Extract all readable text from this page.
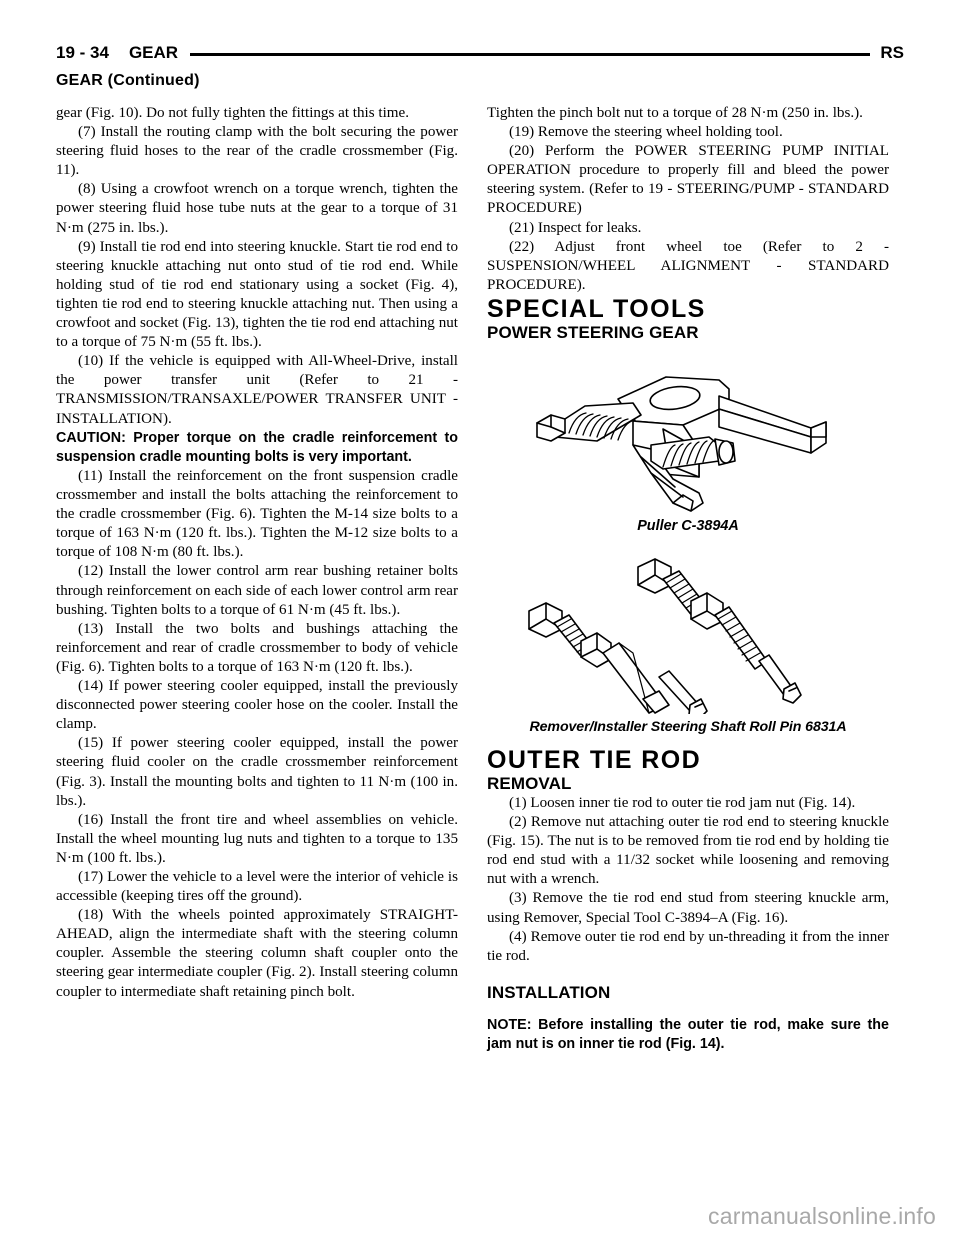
19 - 34 GEAR	RS
GEAR (Continued)

gear (Fig. 10). Do not fully tighten the fittings at this time.

(7) Install the routing clamp with the bolt securing the power steering fluid hoses to the rear of the cradle crossmember (Fig. 11).

(8) Using a crowfoot wrench on a torque wrench, tighten the power steering fluid hose tube nuts at the gear to a torque of 31 N·m (275 in. lbs.).

(9) Install tie rod end into steering knuckle. Start tie rod end to steering knuckle attaching nut onto stud of tie rod end. While holding stud of tie rod end stationary using a socket (Fig. 4), tighten tie rod end to steering knuckle attaching nut. Then using a crowfoot and socket (Fig. 13), tighten the tie rod end attaching nut to a torque of 75 N·m (55 ft. lbs.).

(10) If the vehicle is equipped with All-Wheel-Drive, install the power transfer unit (Refer to 21 - TRANSMISSION/TRANSAXLE/POWER TRANSFER UNIT - INSTALLATION).

CAUTION: Proper torque on the cradle reinforcement to suspension cradle mounting bolts is very important.

(11) Install the reinforcement on the front suspension cradle crossmember and install the bolts attaching the reinforcement to the cradle crossmember (Fig. 6). Tighten the M-14 size bolts to a torque of 163 N·m (120 ft. lbs.). Tighten the M-12 size bolts to a torque of 108 N·m (80 ft. lbs.).

(12) Install the lower control arm rear bushing retainer bolts through reinforcement on each side of each lower control arm rear bushing. Tighten bolts to a torque of 61 N·m (45 ft. lbs.).

(13) Install the two bolts and bushings attaching the reinforcement and rear of cradle crossmember to body of vehicle (Fig. 6). Tighten bolts to a torque of 163 N·m (120 ft. lbs.).

(14) If power steering cooler equipped, install the previously disconnected power steering cooler hose on the cooler. Install the clamp.

(15) If power steering cooler equipped, install the power steering fluid cooler on the cradle crossmember reinforcement (Fig. 3). Install the mounting bolts and tighten to 11 N·m (100 in. lbs.).

(16) Install the front tire and wheel assemblies on vehicle. Install the wheel mounting lug nuts and tighten to a torque to 135 N·m (100 ft. lbs.).

(17) Lower the vehicle to a level were the interior of vehicle is accessible (keeping tires off the ground).

(18) With the wheels pointed approximately STRAIGHT-AHEAD, align the intermediate shaft with the steering column coupler. Assemble the steering column shaft coupler onto the steering gear intermediate coupler (Fig. 2). Install steering column coupler to intermediate shaft retaining pinch bolt.

Tighten the pinch bolt nut to a torque of 28 N·m (250 in. lbs.).

(19) Remove the steering wheel holding tool.

(20) Perform the POWER STEERING PUMP INITIAL OPERATION procedure to properly fill and bleed the power steering system. (Refer to 19 - STEERING/PUMP - STANDARD PROCEDURE)

(21) Inspect for leaks.

(22) Adjust front wheel toe (Refer to 2 - SUSPENSION/WHEEL ALIGNMENT - STANDARD PROCEDURE).

SPECIAL TOOLS
POWER STEERING GEAR
Puller C-3894A
Remover/Installer Steering Shaft Roll Pin 6831A
OUTER TIE ROD
REMOVAL

(1) Loosen inner tie rod to outer tie rod jam nut (Fig. 14).

(2) Remove nut attaching outer tie rod end to steering knuckle (Fig. 15). The nut is to be removed from tie rod end by holding tie rod end stud with a 11/32 socket while loosening and removing nut with a wrench.

(3) Remove the tie rod end stud from steering knuckle arm, using Remover, Special Tool C-3894–A (Fig. 16).

(4) Remove outer tie rod end by un-threading it from the inner tie rod.

INSTALLATION

NOTE: Before installing the outer tie rod, make sure the jam nut is on inner tie rod (Fig. 14).

carmanualsonline.info
